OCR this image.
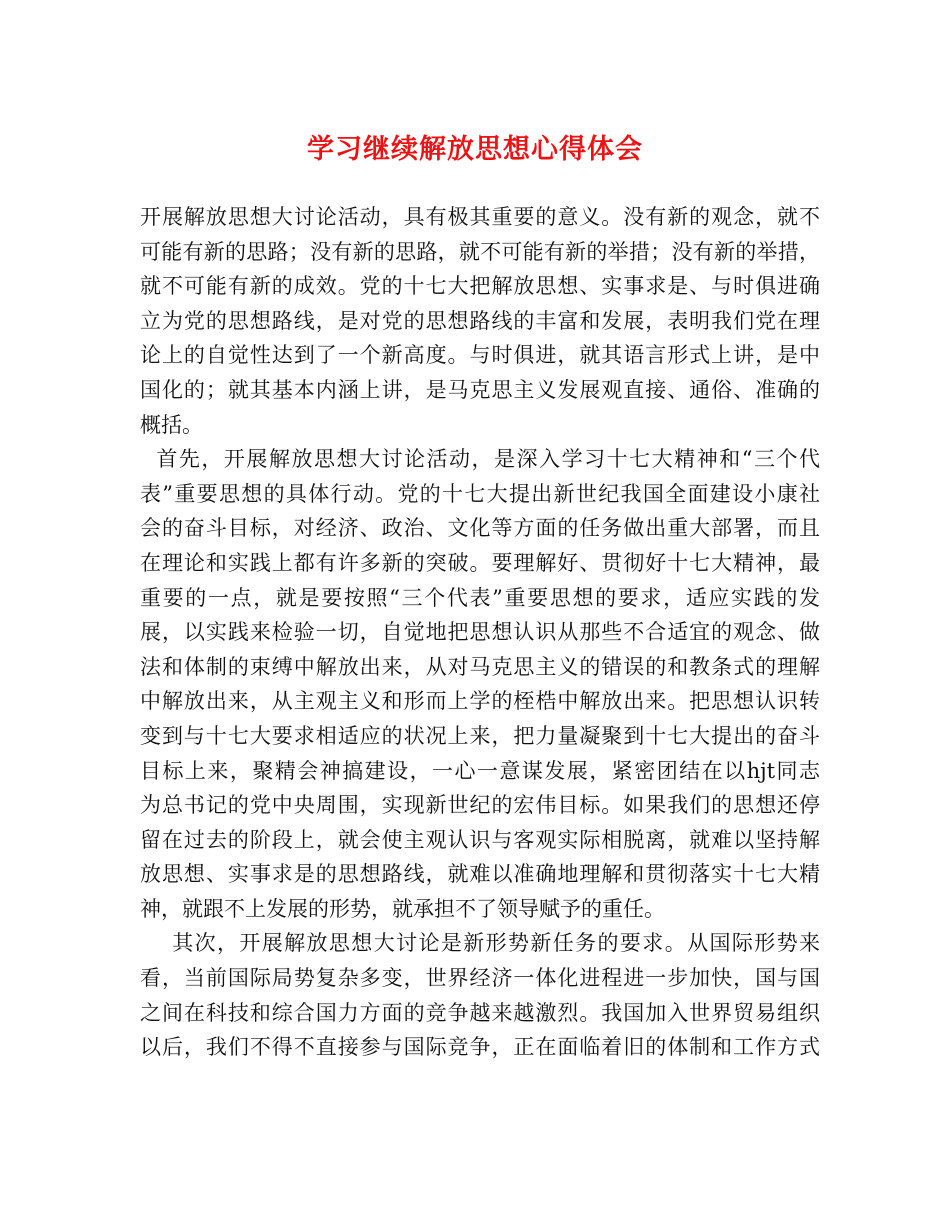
学习继续解放思想心得体会
开展解放思想大讨论活动，具有极其重要的意义。没有新的观念，就不
可能有新的思路；没有新的思路，就不可能有新的举措；没有新的举措，
就不可能有新的成效。党的十七大把解放思想、实事求是、与时俱进确
立为党的思想路线，是对党的思想路线的丰富和发展，表明我们党在理
论上的自觉性达到了一个新高度。与时俱进，就其语言形式上讲，是中
国化的；就其基本内涵上讲，是马克思主义发展观直接、通俗、准确的
概括。
首先，开展解放思想大讨论活动，是深入学习十七大精神和“三个代
表”重要思想的具体行动。党的十七大提出新世纪我国全面建设小康社
会的奋斗目标，对经济、政治、文化等方面的任务做出重大部署，而且
在理论和实践上都有许多新的突破。要理解好、贯彻好十七大精神，最
重要的一点，就是要按照“三个代表”重要思想的要求，适应实践的发
展，以实践来检验一切，自觉地把思想认识从那些不合适宜的观念、做
法和体制的束缚中解放出来，从对马克思主义的错误的和教条式的理解
中解放出来，从主观主义和形而上学的桎梏中解放出来。把思想认识转
变到与十七大要求相适应的状况上来，把力量凝聚到十七大提出的奋斗
目标上来，聚精会神搞建设，一心一意谋发展，紧密团结在以hjt同志
为总书记的党中央周围，实现新世纪的宏伟目标。如果我们的思想还停
留在过去的阶段上，就会使主观认识与客观实际相脱离，就难以坚持解
放思想、实事求是的思想路线，就难以准确地理解和贯彻落实十七大精
神，就跟不上发展的形势，就承担不了领导赋予的重任。
其次，开展解放思想大讨论是新形势新任务的要求。从国际形势来
看，当前国际局势复杂多变，世界经济一体化进程进一步加快，国与国
之间在科技和综合国力方面的竞争越来越激烈。我国加入世界贸易组织
以后，我们不得不直接参与国际竞争，正在面临着旧的体制和工作方式
